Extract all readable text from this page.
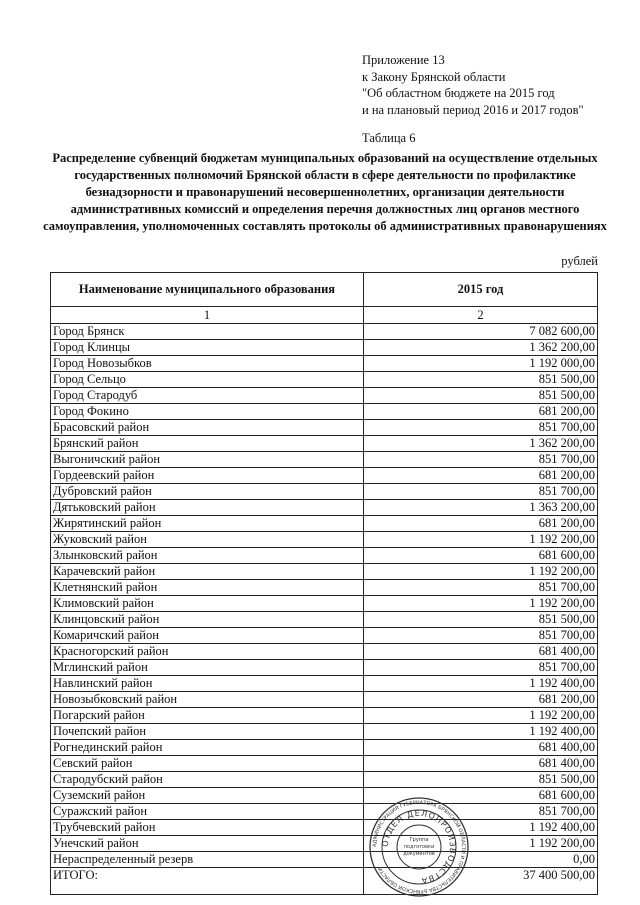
Приложение 13
к Закону Брянской области
"Об областном бюджете на 2015 год
и на плановый период 2016 и 2017 годов"
Таблица 6
Распределение субвенций бюджетам муниципальных образований на осуществление отдельных государственных полномочий Брянской области в сфере деятельности по профилактике безнадзорности и правонарушений несовершеннолетних, организации деятельности административных комиссий и определения перечня должностных лиц органов местного самоуправления, уполномоченных составлять протоколы об административных правонарушениях
рублей
Наименование муниципального образования	2015 год
1	2
Город Брянск	7 082 600,00
Город Клинцы	1 362 200,00
Город Новозыбков	1 192 000,00
Город Сельцо	851 500,00
Город Стародуб	851 500,00
Город Фокино	681 200,00
Брасовский район	851 700,00
Брянский район	1 362 200,00
Выгоничский район	851 700,00
Гордеевский район	681 200,00
Дубровский район	851 700,00
Дятьковский район	1 363 200,00
Жирятинский район	681 200,00
Жуковский район	1 192 200,00
Злынковский район	681 600,00
Карачевский район	1 192 200,00
Клетнянский район	851 700,00
Климовский район	1 192 200,00
Клинцовский район	851 500,00
Комаричский район	851 700,00
Красногорский район	681 400,00
Мглинский район	851 700,00
Навлинский район	1 192 400,00
Новозыбковский район	681 200,00
Погарский район	1 192 200,00
Почепский район	1 192 400,00
Рогнединский район	681 400,00
Севский район	681 400,00
Стародубский район	851 500,00
Суземский район	681 600,00
Суражский район	851 700,00
Трубчевский район	1 192 400,00
Унечский район	1 192 200,00
Нераспределенный резерв	0,00
ИТОГО:	37 400 500,00
АДМИНИСТРАЦИЯ ГУБЕРНАТОРА БРЯНСКОЙ ОБЛАСТИ И ПРАВИТЕЛЬСТВА БРЯНСКОЙ ОБЛАСТИ
ОТДЕЛ ДЕЛОПРОИЗВОДСТВА
Группа
подготовки
документов
